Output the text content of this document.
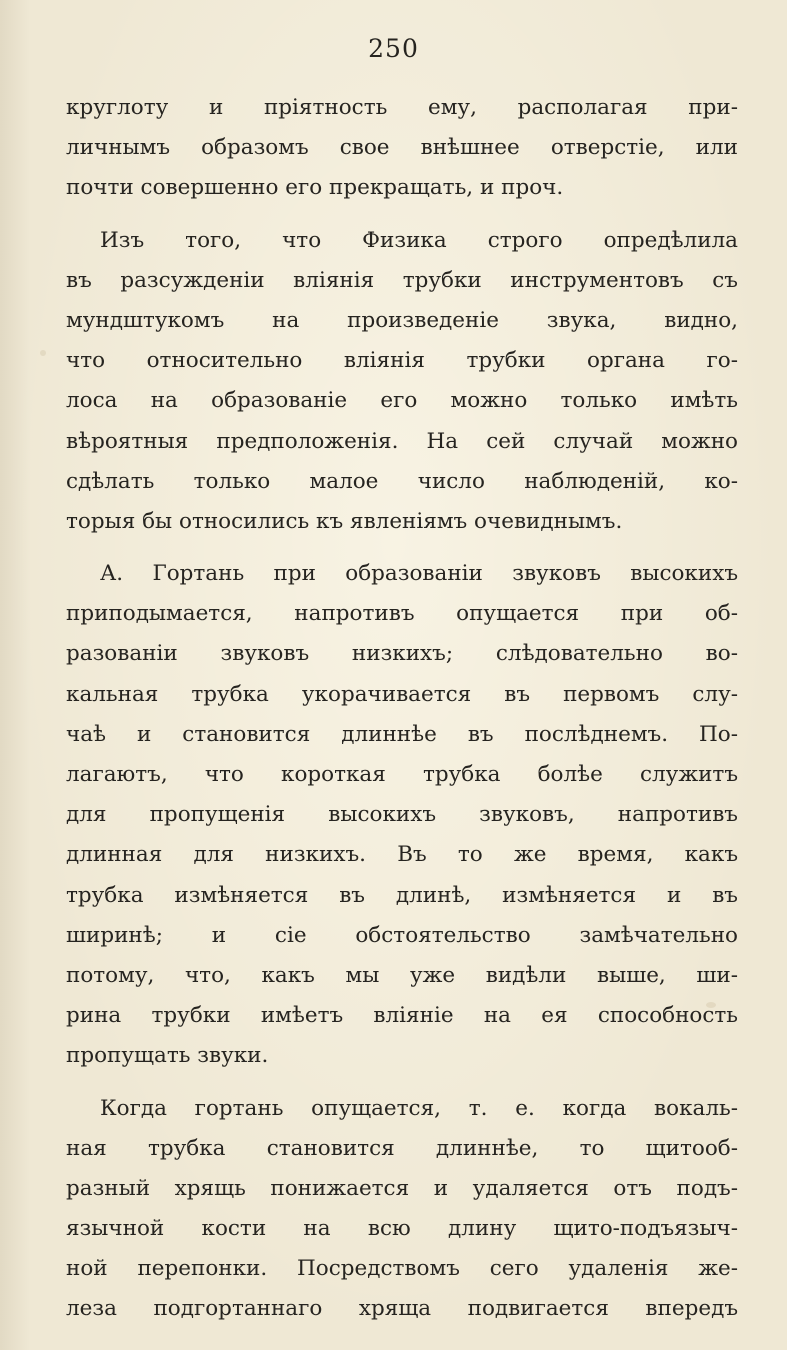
250
круглоту и пріятность ему, располагая при-
личнымъ образомъ свое внѣшнее отверстіе, или
почти совершенно его прекращать, и проч.
Изъ того, что Физика строго опредѣлила
въ разсужденіи вліянія трубки инструментовъ съ
мундштукомъ на произведеніе звука, видно,
что относительно вліянія трубки органа го-
лоса на образованіе его можно только имѣть
вѣроятныя предположенія. На сей случай можно
сдѣлать только малое число наблюденій, ко-
торыя бы относились къ явленіямъ очевиднымъ.
А. Гортань при образованіи звуковъ высокихъ
приподымается, напротивъ опущается при об-
разованіи звуковъ низкихъ; слѣдовательно во-
кальная трубка укорачивается въ первомъ слу-
чаѣ и становится длиннѣе въ послѣднемъ. По-
лагаютъ, что короткая трубка болѣе служитъ
для пропущенія высокихъ звуковъ, напротивъ
длинная для низкихъ. Въ то же время, какъ
трубка измѣняется въ длинѣ, измѣняется и въ
ширинѣ; и сіе обстоятельство замѣчательно
потому, что, какъ мы уже видѣли выше, ши-
рина трубки имѣетъ вліяніе на ея способность
пропущать звуки.
Когда гортань опущается, т. е. когда вокаль-
ная трубка становится длиннѣе, то щитооб-
разный хрящь понижается и удаляется отъ подъ-
язычной кости на всю длину щито-подъязыч-
ной перепонки. Посредствомъ сего удаленія же-
леза подгортаннаго хряща подвигается впередъ
